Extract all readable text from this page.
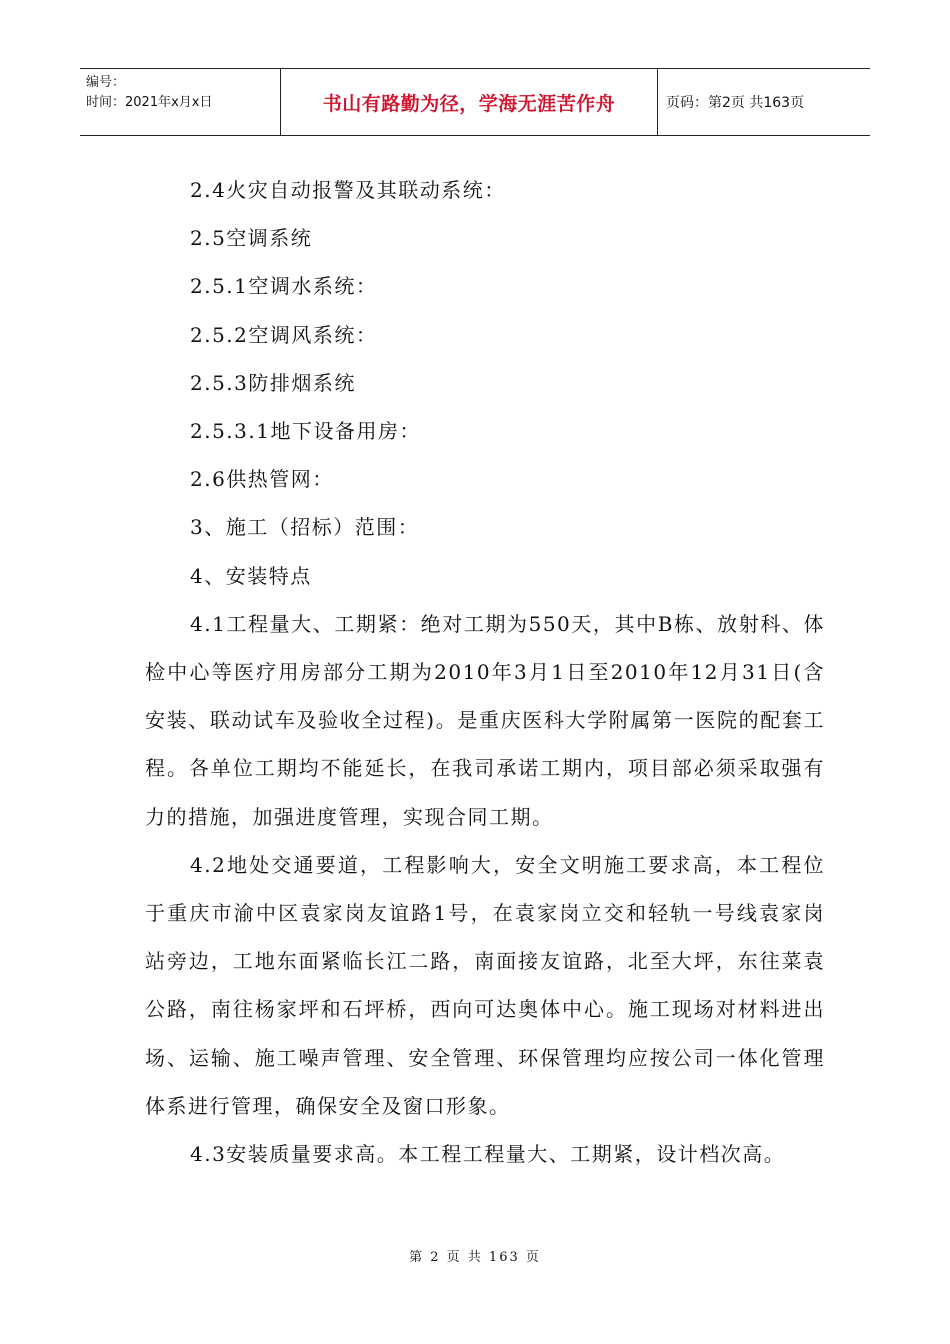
编号：
时间：2021年x月x日	书山有路勤为径，学海无涯苦作舟	页码：第2页 共163页

2.4火灾自动报警及其联动系统：

2.5空调系统

2.5.1空调水系统：

2.5.2空调风系统：

2.5.3防排烟系统

2.5.3.1地下设备用房：

2.6供热管网：

3、施工（招标）范围：

4、安装特点

4.1工程量大、工期紧：绝对工期为550天，其中B栋、放射科、体检中心等医疗用房部分工期为2010年3月1日至2010年12月31日(含安装、联动试车及验收全过程)。是重庆医科大学附属第一医院的配套工程。各单位工期均不能延长，在我司承诺工期内，项目部必须采取强有力的措施，加强进度管理，实现合同工期。

4.2地处交通要道，工程影响大，安全文明施工要求高，本工程位于重庆市渝中区袁家岗友谊路1号，在袁家岗立交和轻轨一号线袁家岗站旁边，工地东面紧临长江二路，南面接友谊路，北至大坪，东往菜袁公路，南往杨家坪和石坪桥，西向可达奥体中心。施工现场对材料进出场、运输、施工噪声管理、安全管理、环保管理均应按公司一体化管理体系进行管理，确保安全及窗口形象。

4.3安装质量要求高。本工程工程量大、工期紧，设计档次高。

第 2 页 共 163 页
